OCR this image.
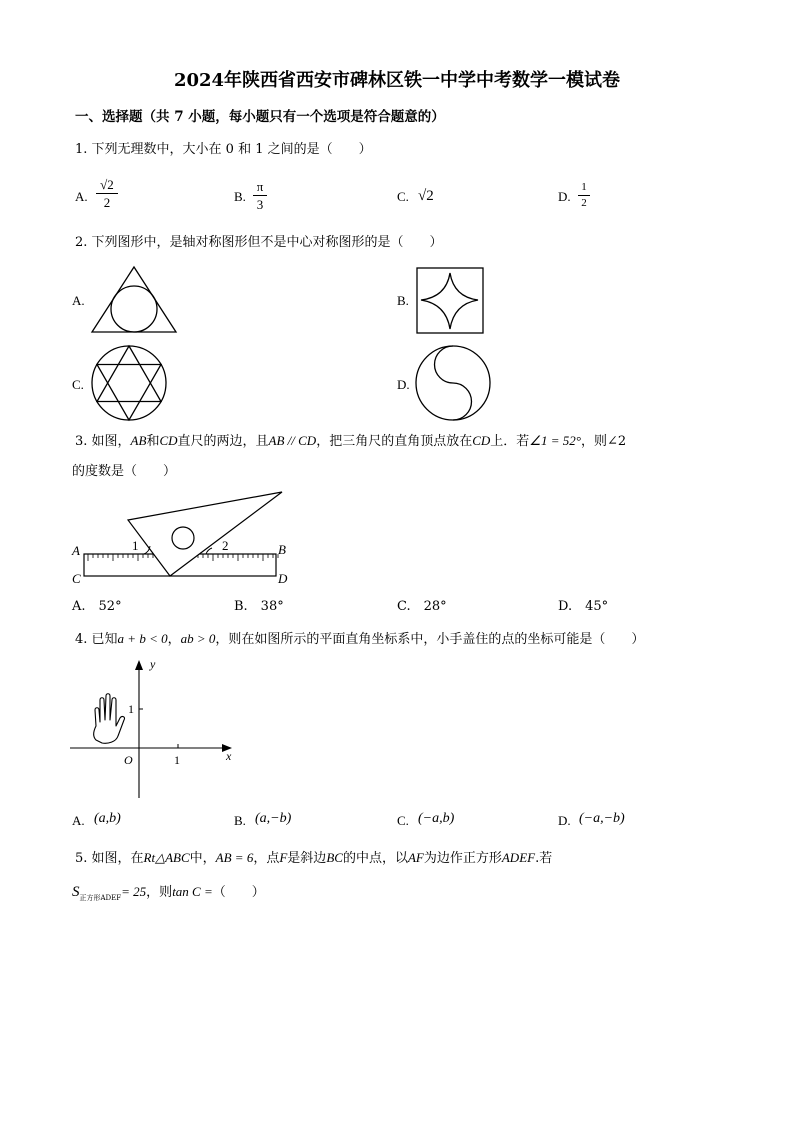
2024年陕西省西安市碑林区铁一中学中考数学一模试卷
一、选择题（共 7 小题，每小题只有一个选项是符合题意的）
1. 下列无理数中，大小在 0 和 1 之间的是（　　）
A.
√2
2	B.
π
3
C. √2	D.
1
2
2. 下列图形中，是轴对称图形但不是中心对称图形的是（　　）
A.	B.
C.	D.
3. 如图，AB和CD直尺的两边，且AB // CD，把三角尺的直角顶点放在CD上．若∠1 = 52°，则∠2
的度数是（　　）
A
C
B
D
1	2
A.　52°	B.　38°	C.　28°	D.　45°
4. 已知a + b < 0，ab > 0，则在如图所示的平面直角坐标系中，小手盖住的点的坐标可能是（　　）
y
x
O	1
1
A. (a,b)	B. (a,−b)	C. (−a,b)	D. (−a,−b)
5. 如图，在Rt△ABC中，AB = 6，点F是斜边BC的中点，以AF为边作正方形ADEF.若
$S_{正方形ADEF}= 25$，则tan C =（　　）
